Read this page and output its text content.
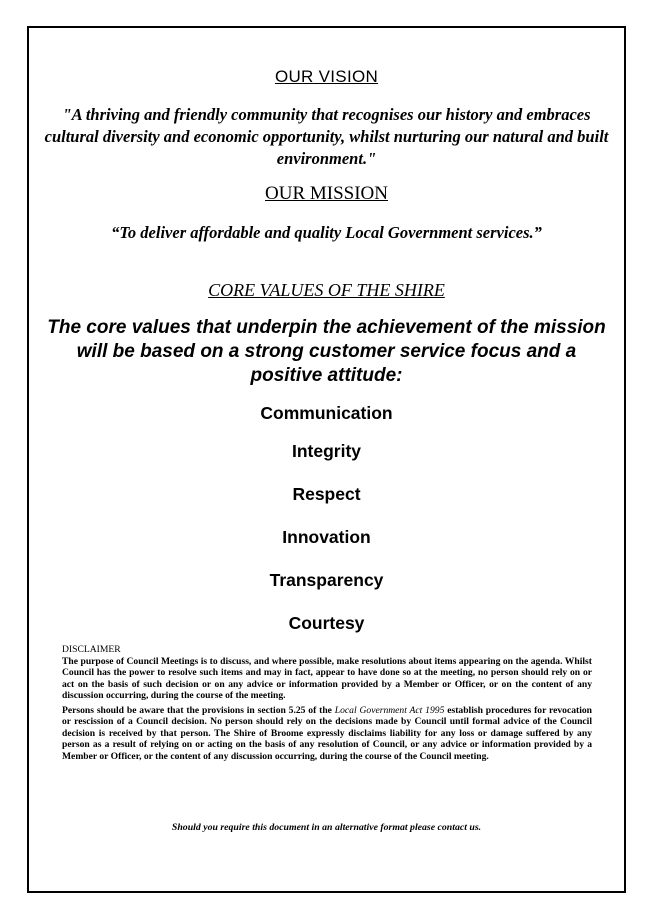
OUR VISION
"A thriving and friendly community that recognises our history and embraces cultural diversity and economic opportunity, whilst nurturing our natural and built environment."
OUR MISSION
“To deliver affordable and quality Local Government services.”
CORE VALUES OF THE SHIRE
The core values that underpin the achievement of the mission will be based on a strong customer service focus and a positive attitude:
Communication
Integrity
Respect
Innovation
Transparency
Courtesy
DISCLAIMER

The purpose of Council Meetings is to discuss, and where possible, make resolutions about items appearing on the agenda. Whilst Council has the power to resolve such items and may in fact, appear to have done so at the meeting, no person should rely on or act on the basis of such decision or on any advice or information provided by a Member or Officer, or on the content of any discussion occurring, during the course of the meeting.

Persons should be aware that the provisions in section 5.25 of the Local Government Act 1995 establish procedures for revocation or rescission of a Council decision. No person should rely on the decisions made by Council until formal advice of the Council decision is received by that person. The Shire of Broome expressly disclaims liability for any loss or damage suffered by any person as a result of relying on or acting on the basis of any resolution of Council, or any advice or information provided by a Member or Officer, or the content of any discussion occurring, during the course of the Council meeting.

Should you require this document in an alternative format please contact us.
